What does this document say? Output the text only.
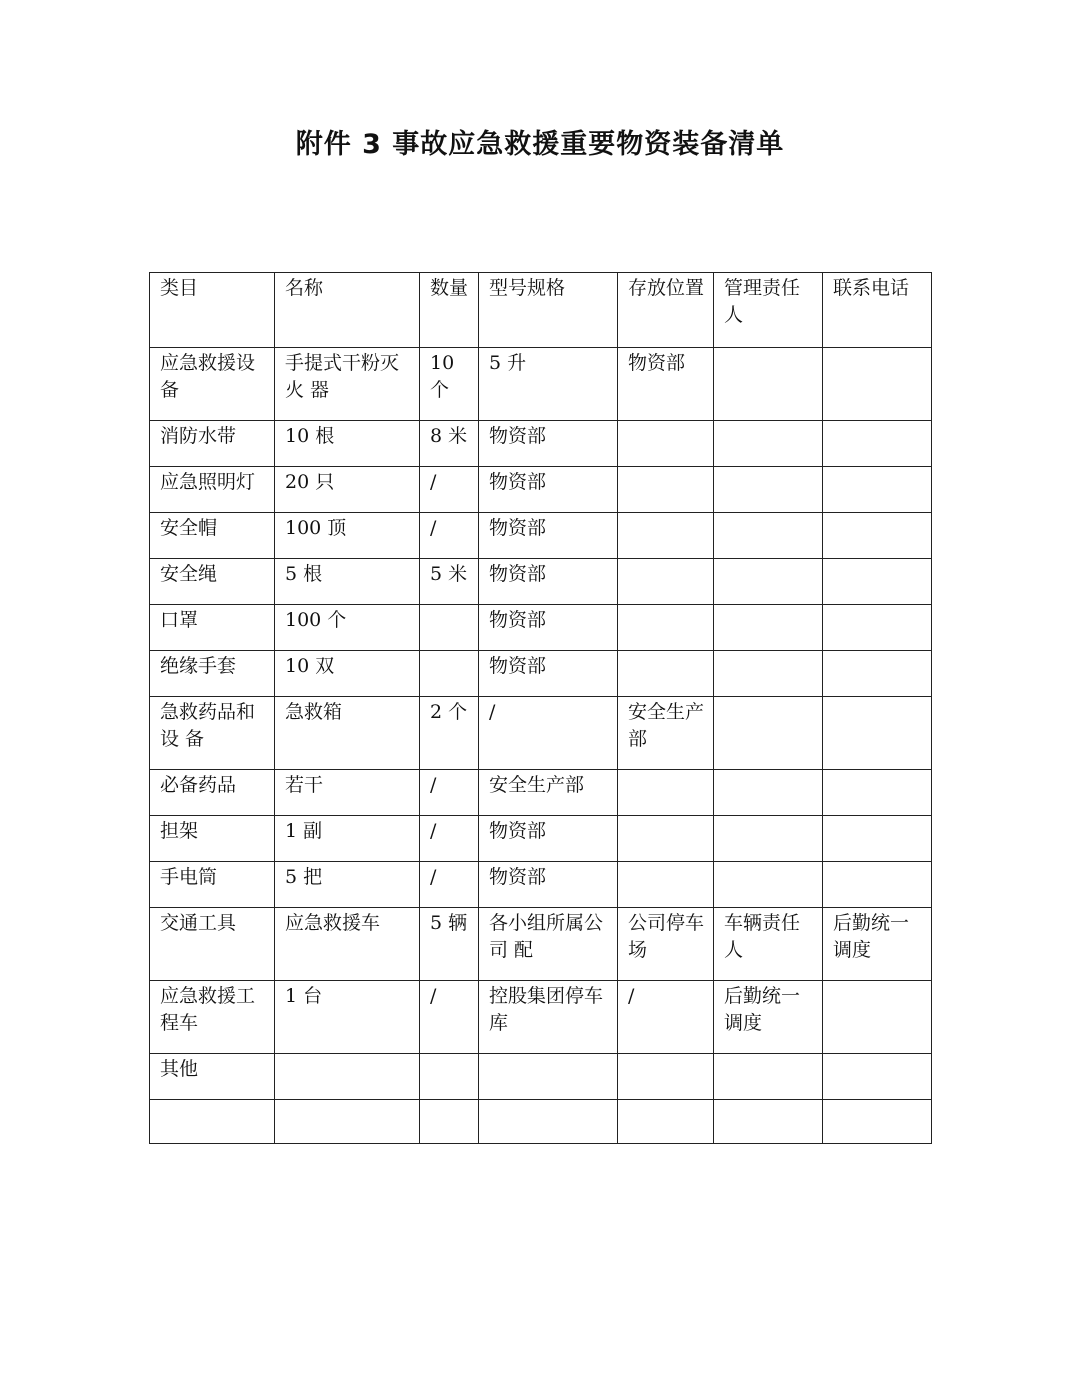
附件 3 事故应急救援重要物资装备清单
类目	名称	数量	型号规格	存放位置	管理责任人	联系电话
应急救援设备	手提式干粉灭火 器	10 个	5 升	物资部		
消防水带	10 根	8 米	物资部			
应急照明灯	20 只	/	物资部			
安全帽	100 顶	/	物资部			
安全绳	5 根	5 米	物资部			
口罩	100 个		物资部			
绝缘手套	10 双		物资部			
急救药品和设 备	急救箱	2 个	/	安全生产部		
必备药品	若干	/	安全生产部			
担架	1 副	/	物资部			
手电筒	5 把	/	物资部			
交通工具	应急救援车	5 辆	各小组所属公司 配	公司停车场	车辆责任人	后勤统一调度
应急救援工程车	1 台	/	控股集团停车 库	/	后勤统一调度	
其他						
